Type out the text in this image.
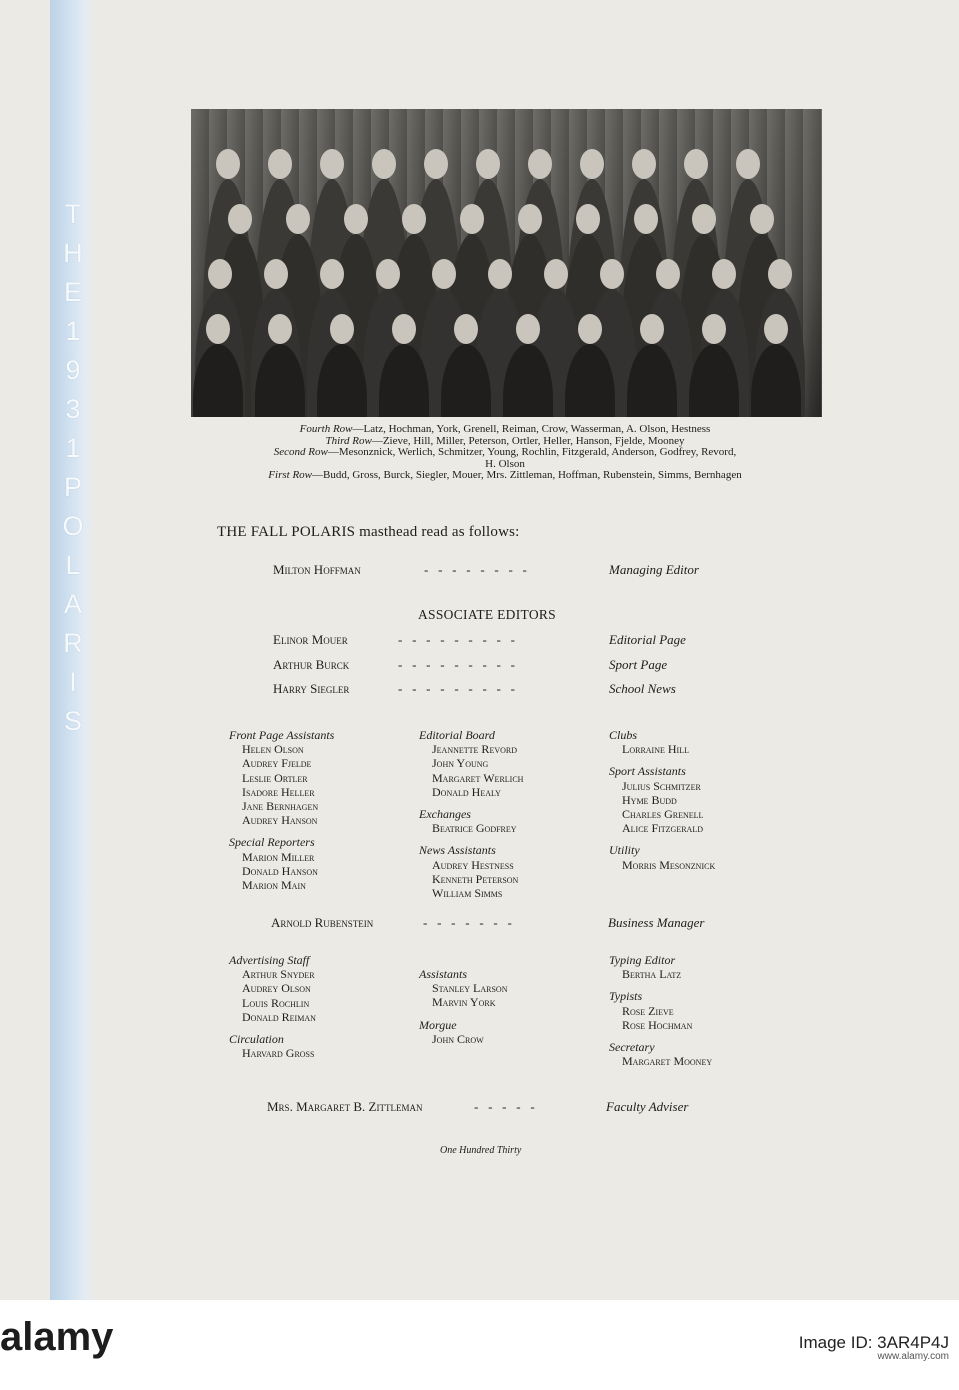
T
H
E
1
9
3
1
P
O
L
A
R
I
S
Fourth Row—Latz, Hochman, York, Grenell, Reiman, Crow, Wasserman, A. Olson, Hestness
Third Row—Zieve, Hill, Miller, Peterson, Ortler, Heller, Hanson, Fjelde, Mooney
Second Row—Mesonznick, Werlich, Schmitzer, Young, Rochlin, Fitzgerald, Anderson, Godfrey, Revord,
H. Olson
First Row—Budd, Gross, Burck, Siegler, Mouer, Mrs. Zittleman, Hoffman, Rubenstein, Simms, Bernhagen
THE FALL POLARIS masthead read as follows:
Milton Hoffman	-   -   -   -   -   -   -   -	Managing Editor
ASSOCIATE EDITORS
Elinor Mouer	-   -   -   -   -   -   -   -   -	Editorial Page
Arthur Burck	-   -   -   -   -   -   -   -   -	Sport Page
Harry Siegler	-   -   -   -   -   -   -   -   -	School News
Front Page Assistants
Helen Olson
Audrey Fjelde
Leslie Ortler
Isadore Heller
Jane Bernhagen
Audrey Hanson
Special Reporters
Marion Miller
Donald Hanson
Marion Main
Editorial Board
Jeannette Revord
John Young
Margaret Werlich
Donald Healy
Exchanges
Beatrice Godfrey
News Assistants
Audrey Hestness
Kenneth Peterson
William Simms
Clubs
Lorraine Hill
Sport Assistants
Julius Schmitzer
Hyme Budd
Charles Grenell
Alice Fitzgerald
Utility
Morris Mesonznick
Arnold Rubenstein	-   -   -   -   -   -   -	Business Manager
Advertising Staff
Arthur Snyder
Audrey Olson
Louis Rochlin
Donald Reiman
Circulation
Harvard Gross
Assistants
Stanley Larson
Marvin York
Morgue
John Crow
Typing Editor
Bertha Latz
Typists
Rose Zieve
Rose Hochman
Secretary
Margaret Mooney
Mrs. Margaret B. Zittleman	-   -   -   -   -	Faculty Adviser
One Hundred Thirty
alamy	Image ID: 3AR4P4J
www.alamy.com
